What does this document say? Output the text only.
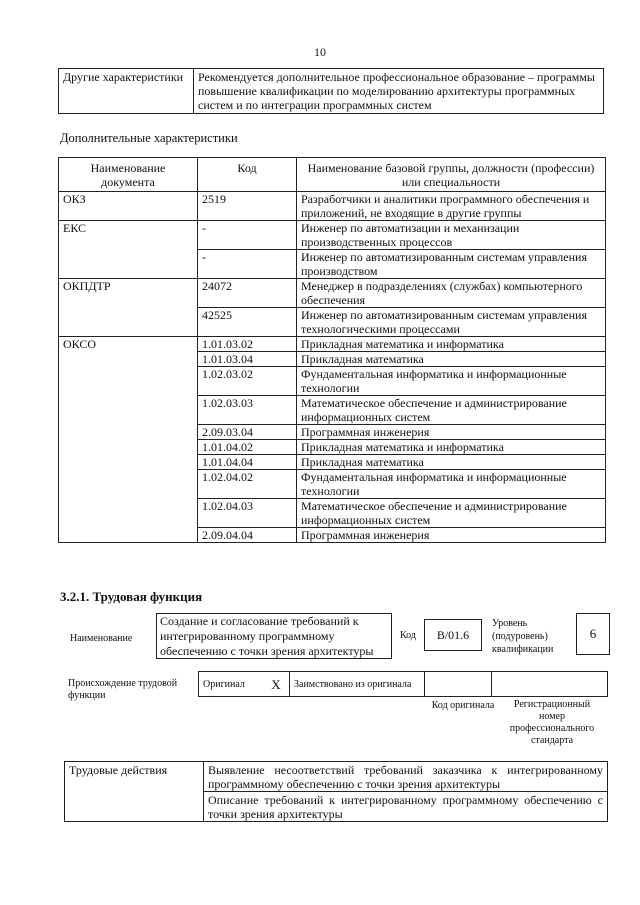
10
Другие характеристики	Рекомендуется дополнительное профессиональное образование – программы повышение квалификации по моделированию архитектуры программных систем и по интеграции программных систем
Дополнительные характеристики
Наименование документа	Код	Наименование базовой группы, должности (профессии) или специальности
ОКЗ	2519	Разработчики и аналитики программного обеспечения и приложений, не входящие в другие группы
ЕКС	-	Инженер по автоматизации и механизации производственных процессов
	-	Инженер по автоматизированным системам управления производством
ОКПДТР	24072	Менеджер в подразделениях (службах) компьютерного обеспечения
	42525	Инженер по автоматизированным системам управления технологическими процессами
ОКСО	1.01.03.02	Прикладная математика и информатика
	1.01.03.04	Прикладная математика
	1.02.03.02	Фундаментальная информатика и информационные технологии
	1.02.03.03	Математическое обеспечение и администрирование информационных систем
	2.09.03.04	Программная инженерия
	1.01.04.02	Прикладная математика и информатика
	1.01.04.04	Прикладная математика
	1.02.04.02	Фундаментальная информатика и информационные технологии
	1.02.04.03	Математическое обеспечение и администрирование информационных систем
	2.09.04.04	Программная инженерия
3.2.1. Трудовая функция
Наименование
Создание и согласование требований к интегрированному программному обеспечению с точки зрения архитектуры
Код	В/01.6
Уровень
(подуровень)
квалификации
6
Происхождение трудовой функции
Оригинал	X	Заимствовано из оригинала		
Код оригинала	Регистрационный номер профессионального стандарта
Трудовые действия	Выявление несоответствий требований заказчика к интегрированному программному обеспечению с точки зрения архитектуры
Описание требований к интегрированному программному обеспечению с точки зрения архитектуры
